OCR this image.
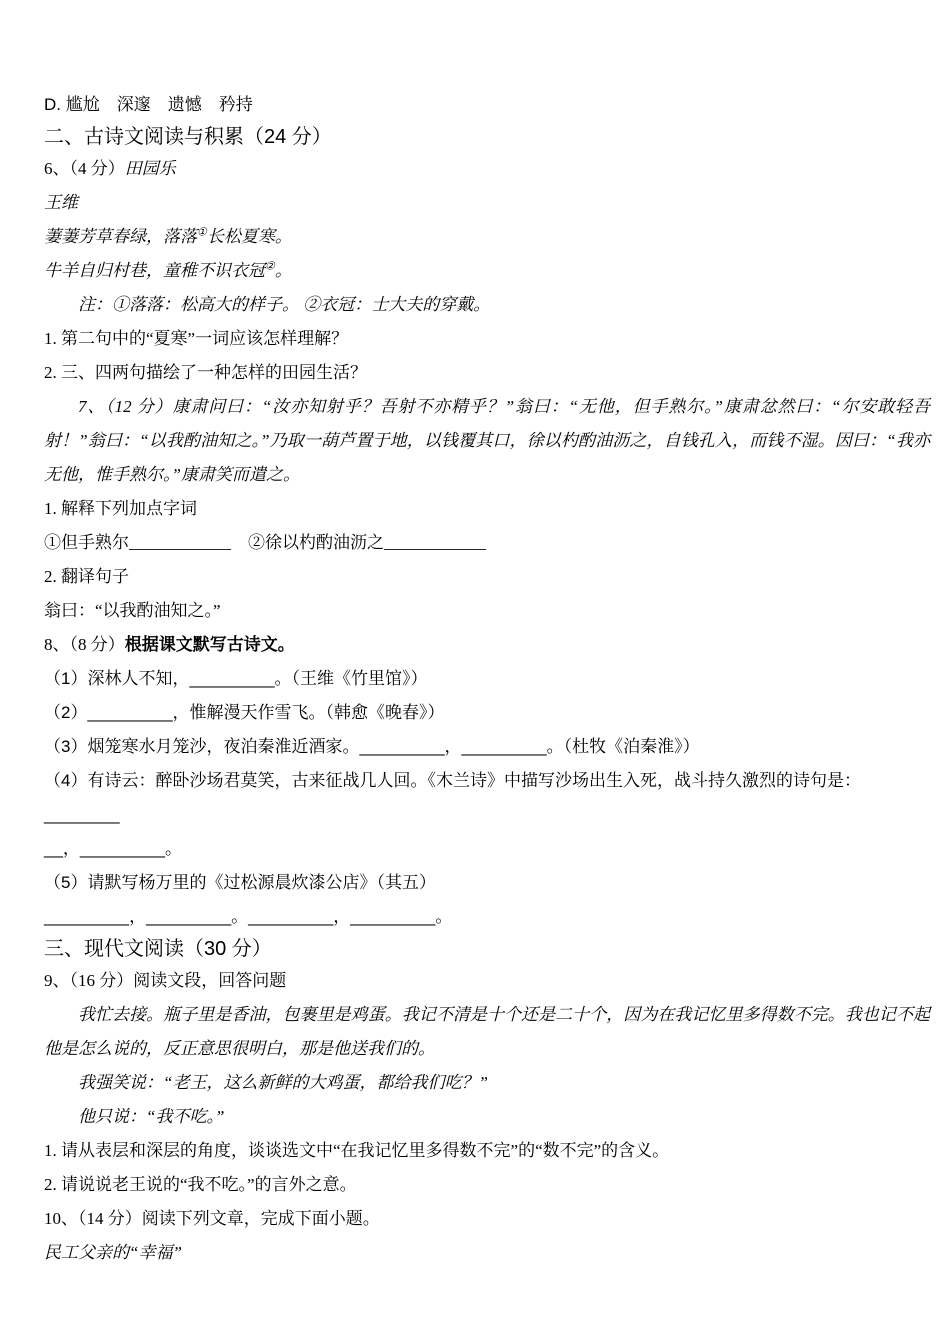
D. 尴尬　深邃　遗憾　矜持

二、古诗文阅读与积累（24 分）

6、（4 分）田园乐

王维

萋萋芳草春绿，落落①长松夏寒。

牛羊自归村巷，童稚不识衣冠②。

注：①落落：松高大的样子。 ②衣冠：士大夫的穿戴。

1. 第二句中的“夏寒”一词应该怎样理解？

2. 三、四两句描绘了一种怎样的田园生活？

7、（12 分）康肃问曰：“汝亦知射乎？吾射不亦精乎？”翁曰：“无他，但手熟尔。”康肃忿然曰：“尔安敢轻吾射！”翁曰：“以我酌油知之。”乃取一葫芦置于地，以钱覆其口，徐以杓酌油沥之，自钱孔入，而钱不湿。因曰：“我亦无他，惟手熟尔。”康肃笑而遣之。

1. 解释下列加点字词

①但手熟尔____________　②徐以杓酌油沥之____________

2. 翻译句子

翁曰：“以我酌油知之。”

8、（8 分）根据课文默写古诗文。

（1）深林人不知，_________。（王维《竹里馆》）

（2）_________，惟解漫天作雪飞。（韩愈《晚春》）

（3）烟笼寒水月笼沙，夜泊秦淮近酒家。_________，_________。（杜牧《泊秦淮》）

（4）有诗云：醉卧沙场君莫笑，古来征战几人回。《木兰诗》中描写沙场出生入死，战斗持久激烈的诗句是：________

__，_________。

（5）请默写杨万里的《过松源晨炊漆公店》（其五）

_________，_________。_________，_________。

三、现代文阅读（30 分）

9、（16 分）阅读文段，回答问题

我忙去接。瓶子里是香油，包裹里是鸡蛋。我记不清是十个还是二十个，因为在我记忆里多得数不完。我也记不起他是怎么说的，反正意思很明白，那是他送我们的。

我强笑说：“老王，这么新鲜的大鸡蛋，都给我们吃？”

他只说：“我不吃。”

1. 请从表层和深层的角度，谈谈选文中“在我记忆里多得数不完”的“数不完”的含义。

2. 请说说老王说的“我不吃。”的言外之意。

10、（14 分）阅读下列文章，完成下面小题。

民工父亲的“幸福”
